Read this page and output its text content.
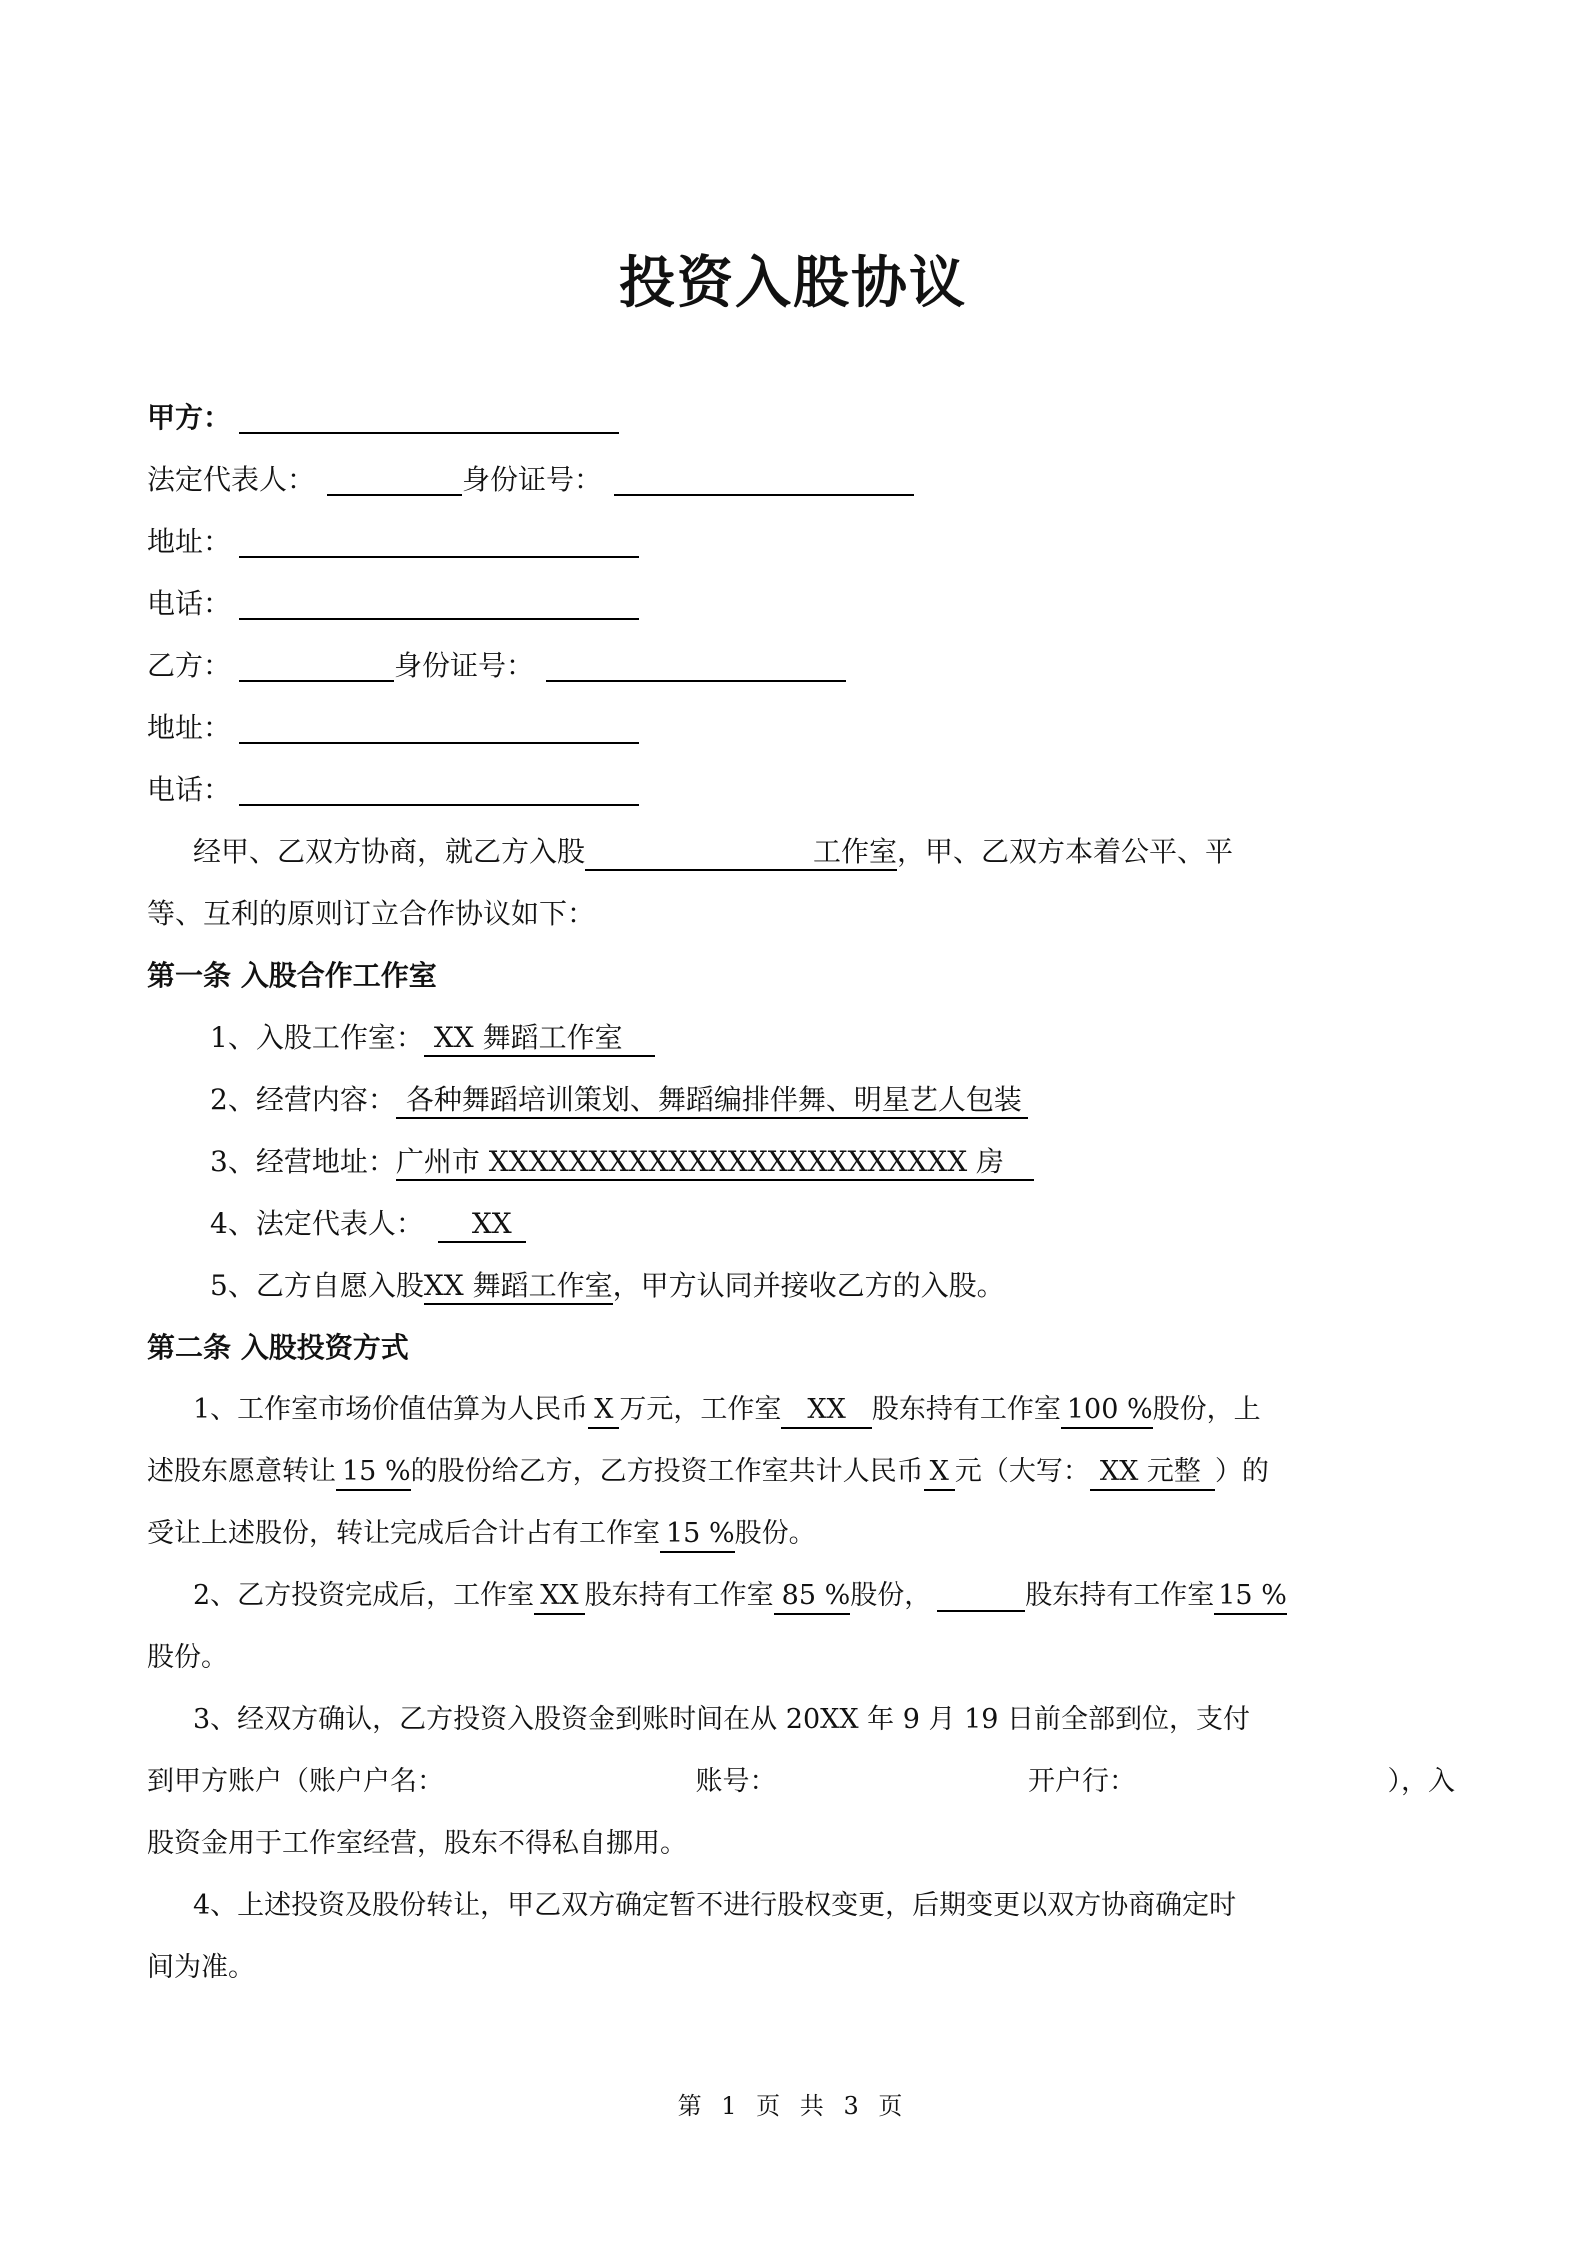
投资入股协议
甲方：
法定代表人：	身份证号：
地址：
电话：
乙方：	身份证号：
地址：
电话：
经甲、乙双方协商，就乙方入股	工作室，甲、乙双方本着公平、平
等、互利的原则订立合作协议如下：
第一条 入股合作工作室
1、入股工作室： XX 舞蹈工作室
2、经营内容： 各种舞蹈培训策划、舞蹈编排伴舞、明星艺人包装
3、经营地址：广州市 XXXXXXXXXXXXXXXXXXXXXXXX 房
4、法定代表人： XX
5、乙方自愿入股XX 舞蹈工作室，甲方认同并接收乙方的入股。
第二条 入股投资方式
1、工作室市场价值估算为人民币 X 万元，工作室 XX 股东持有工作室 100 %股份，上
述股东愿意转让 15 %的股份给乙方，乙方投资工作室共计人民币 X 元（大写： XX 元整 ）的
受让上述股份，转让完成后合计占有工作室 15 %股份。
2、乙方投资完成后，工作室 XX 股东持有工作室 85 %股份，	股东持有工作室 15 %
股份。
3、经双方确认，乙方投资入股资金到账时间在从 20XX 年 9 月 19 日前全部到位，支付
到甲方账户（账户户名：	账号：	开户行：	），入
股资金用于工作室经营，股东不得私自挪用。
4、上述投资及股份转让，甲乙双方确定暂不进行股权变更，后期变更以双方协商确定时
间为准。
第 1 页 共 3 页
